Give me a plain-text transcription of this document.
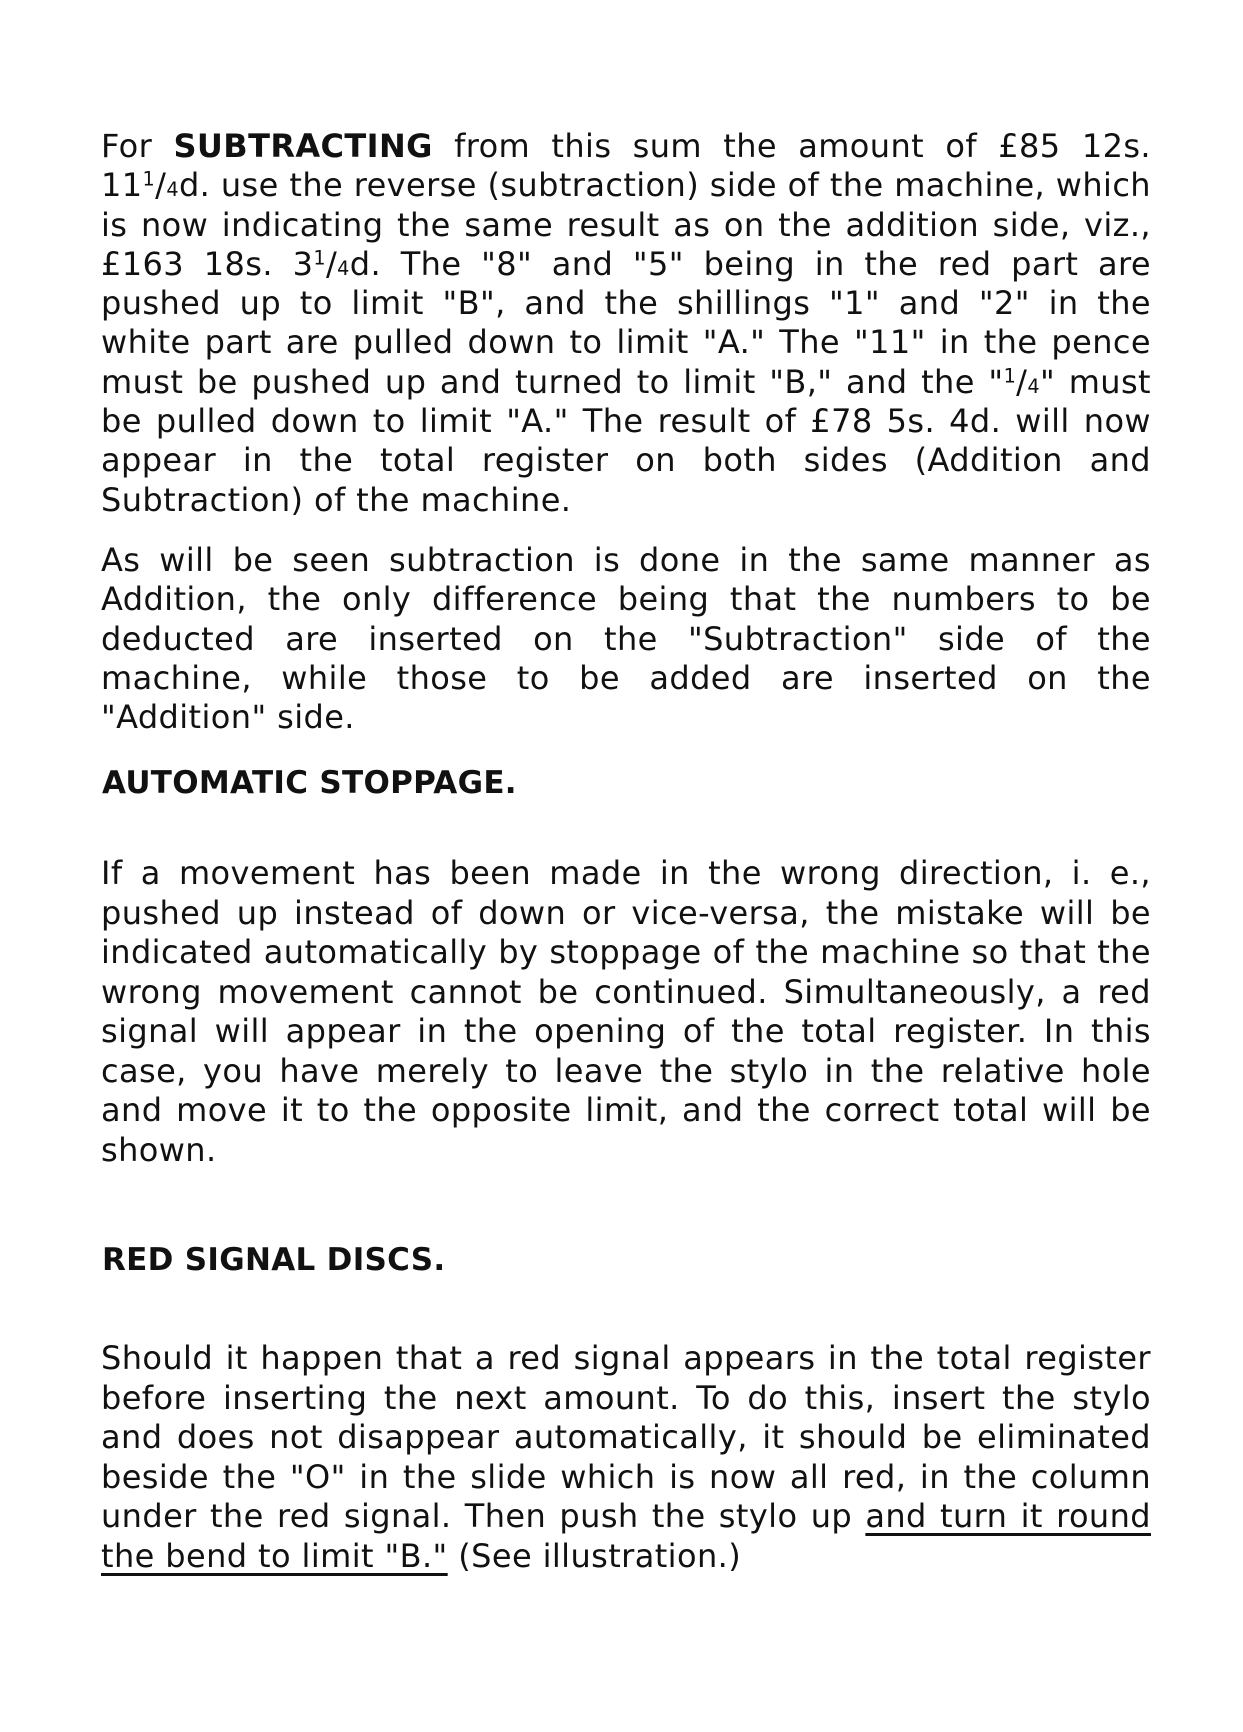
For SUBTRACTING from this sum the amount of £85 12s. $11^1/4d$. use the reverse (subtraction) side of the machine, which is now indicating the same result as on the addition side, viz., £163 18s. $3^1/4d$. The "8" and "5" being in the red part are pushed up to limit "B", and the shillings "1" and "2" in the white part are pulled down to limit "A." The "11" in the pence must be pushed up and turned to limit "B," and the "$^1$/4" must be pulled down to limit "A." The result of £78 5s. 4d. will now appear in the total register on both sides (Addition and Subtraction) of the machine.

As will be seen subtraction is done in the same manner as Addition, the only difference being that the numbers to be deducted are inserted on the "Subtraction" side of the machine, while those to be added are inserted on the "Addition" side.

AUTOMATIC STOPPAGE.

If a movement has been made in the wrong direction, i. e., pushed up instead of down or vice-versa, the mistake will be indicated automatically by stoppage of the machine so that the wrong movement cannot be continued. Simultaneously, a red signal will appear in the opening of the total register. In this case, you have merely to leave the stylo in the relative hole and move it to the opposite limit, and the correct total will be shown.

RED SIGNAL DISCS.

Should it happen that a red signal appears in the total register before inserting the next amount. To do this, insert the stylo and does not disappear automatically, it should be eliminated beside the "O" in the slide which is now all red, in the column under the red signal. Then push the stylo up and turn it round the bend to limit "B." (See illustration.)
